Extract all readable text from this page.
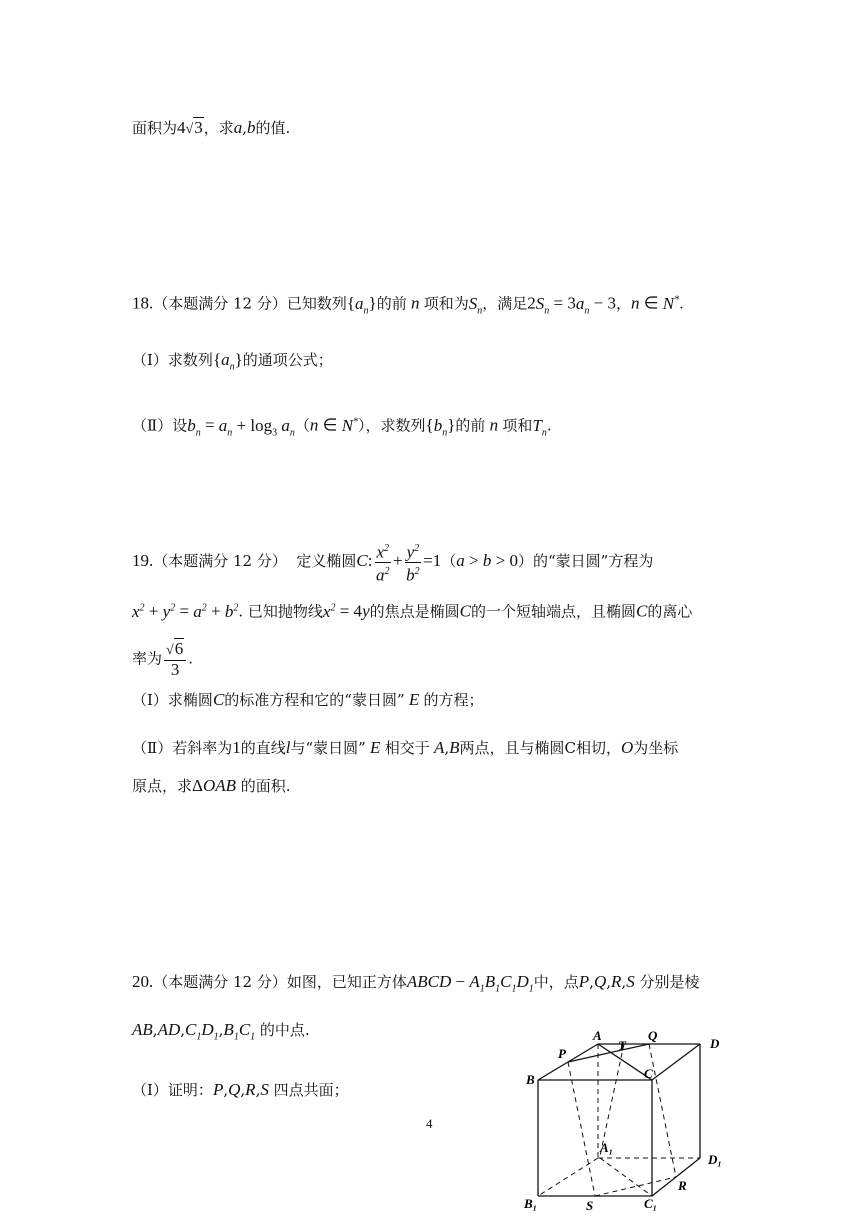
面积为4√3，求a,b的值.
18.（本题满分 12 分）已知数列$\{a_n\}$的前 n 项和为$S_n$，满足$2S_n = 3a_n - 3$，n ∈ N*.
（Ⅰ）求数列$\{a_n\}$的通项公式；
（Ⅱ）设$b_n = a_n + \log_3 a_n(n$ ∈ N*），求数列$\{b_n\}$的前 n 项和$T_n$.
19.（本题满分 12 分）  定义椭圆C: $\frac{x^2}{a^2} + \frac{y^2}{b^2} =1(a > b > 0)$的“蒙日圆”方程为
$x^2 + y^2 = a^2 + b^2$. 已知抛物线$x^2 = 4y$的焦点是椭圆C的一个短轴端点，且椭圆C的离心
率为 $\frac{√6}{3}$ .
（Ⅰ）求椭圆C的标准方程和它的“蒙日圆” E 的方程；
（Ⅱ）若斜率为1的直线l与“蒙日圆” E 相交于 A,B两点，且与椭圆C相切，O为坐标
原点，求ΔOAB 的面积.
20.（本题满分 12 分）如图，已知正方体ABCD − $A_1B_1C_1D_1$中，点P,Q,R,S 分别是棱
$AB,AD,C_1D_1,B_1C_1$ 的中点.
（Ⅰ）证明：P,Q,R,S 四点共面；
4
A
T
Q
D
P
B	C
A₁
D₁
B₁	S	C₁
R
